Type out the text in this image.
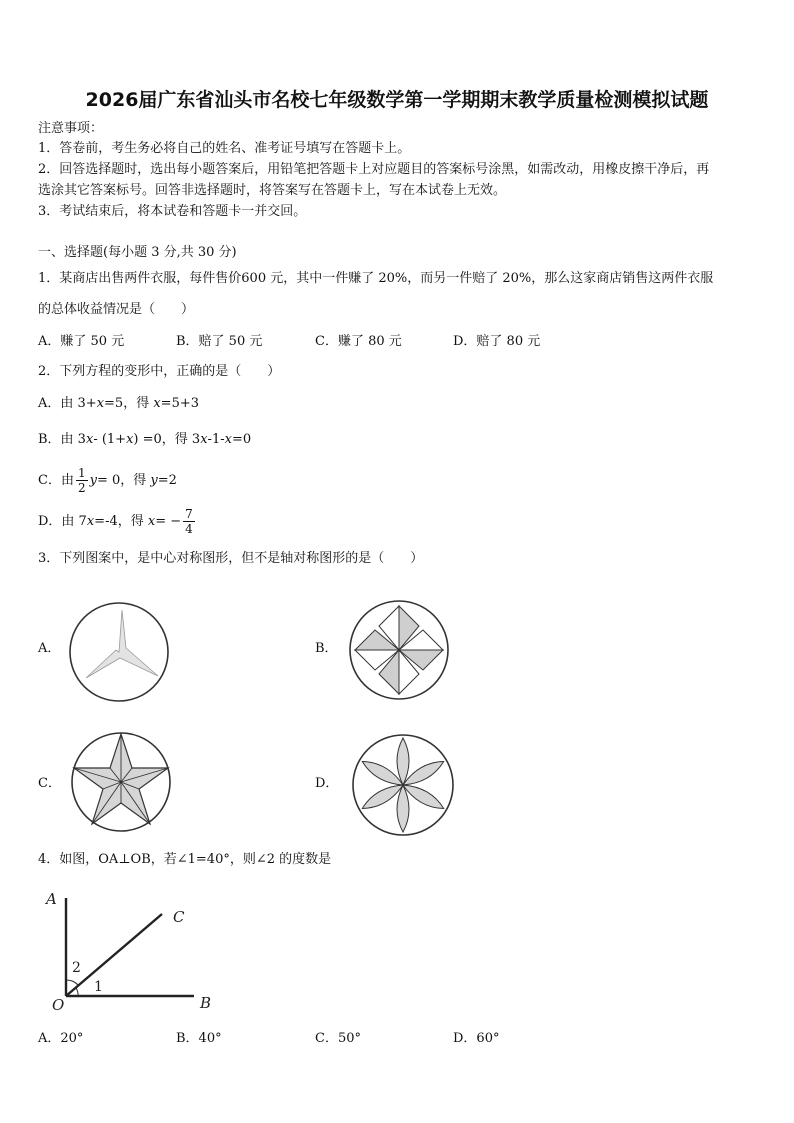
2026届广东省汕头市名校七年级数学第一学期期末教学质量检测模拟试题
注意事项：
1．答卷前，考生务必将自己的姓名、准考证号填写在答题卡上。
2．回答选择题时，选出每小题答案后，用铅笔把答题卡上对应题目的答案标号涂黑，如需改动，用橡皮擦干净后，再
选涂其它答案标号。回答非选择题时，将答案写在答题卡上，写在本试卷上无效。
3．考试结束后，将本试卷和答题卡一并交回。
一、选择题(每小题 3 分,共 30 分)
1．某商店出售两件衣服，每件售价600 元，其中一件赚了 20%，而另一件赔了 20%，那么这家商店销售这两件衣服
的总体收益情况是（　　）
A．赚了 50 元	B．赔了 50 元	C．赚了 80 元	D．赔了 80 元
2．下列方程的变形中，正确的是（　　）
A．由 3+x=5，得 x=5+3
B．由 3x- (1+x) =0，得 3x-1-x=0
C．由 $\frac{1}{2} y= 0$，得 y=2
D．由 7x=-4，得 $x= - \frac{7}{4}$
3．下列图案中，是中心对称图形，但不是轴对称图形的是（　　）
A．	B．
C．	D．
4．如图，OA⊥OB，若∠1=40°，则∠2 的度数是
A
B
C
O
1
2
A．20°	B．40°	C．50°	D．60°
